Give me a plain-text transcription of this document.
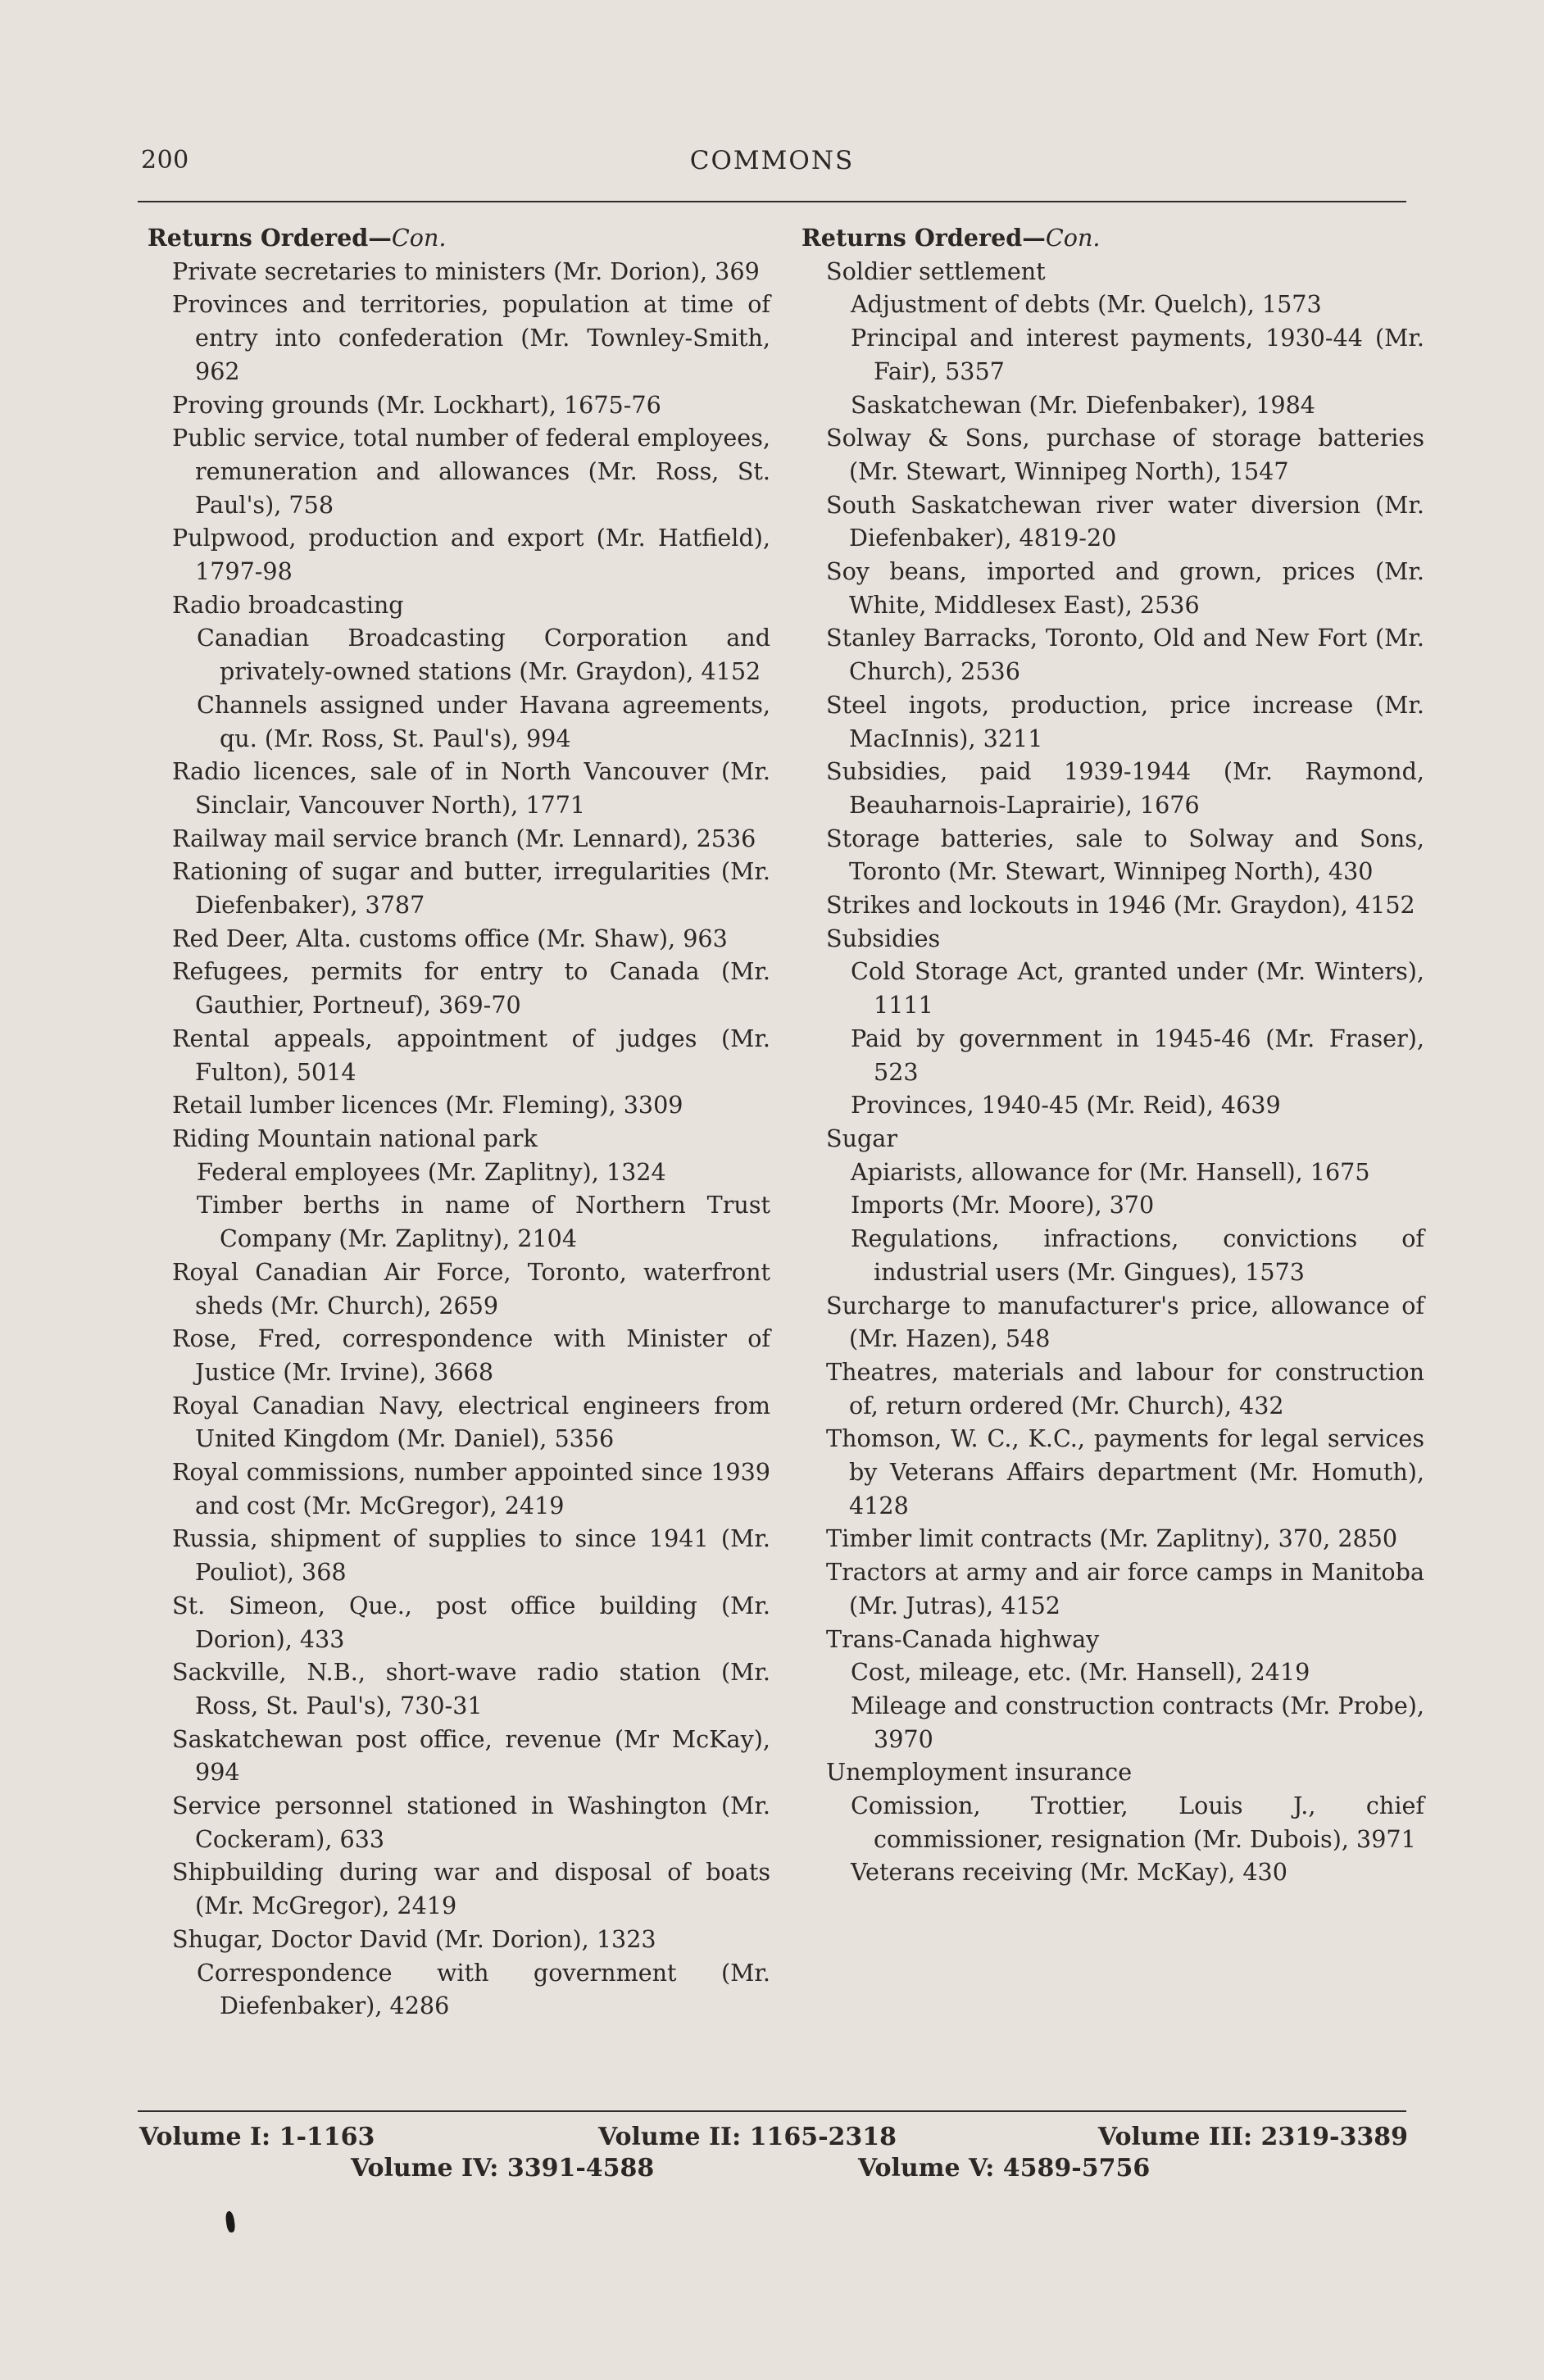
200	COMMONS
Returns Ordered—Con.
Private secretaries to ministers (Mr. Dorion), 369
Provinces and territories, population at time of entry into confederation (Mr. Townley-Smith, 962
Proving grounds (Mr. Lockhart), 1675-76
Public service, total number of federal employees, remuneration and allowances (Mr. Ross, St. Paul's), 758
Pulpwood, production and export (Mr. Hatfield), 1797-98
Radio broadcasting
Canadian Broadcasting Corporation and privately-owned stations (Mr. Graydon), 4152
Channels assigned under Havana agreements, qu. (Mr. Ross, St. Paul's), 994
Radio licences, sale of in North Vancouver (Mr. Sinclair, Vancouver North), 1771
Railway mail service branch (Mr. Lennard), 2536
Rationing of sugar and butter, irregularities (Mr. Diefenbaker), 3787
Red Deer, Alta. customs office (Mr. Shaw), 963
Refugees, permits for entry to Canada (Mr. Gauthier, Portneuf), 369-70
Rental appeals, appointment of judges (Mr. Fulton), 5014
Retail lumber licences (Mr. Fleming), 3309
Riding Mountain national park
Federal employees (Mr. Zaplitny), 1324
Timber berths in name of Northern Trust Company (Mr. Zaplitny), 2104
Royal Canadian Air Force, Toronto, waterfront sheds (Mr. Church), 2659
Rose, Fred, correspondence with Minister of Justice (Mr. Irvine), 3668
Royal Canadian Navy, electrical engineers from United Kingdom (Mr. Daniel), 5356
Royal commissions, number appointed since 1939 and cost (Mr. McGregor), 2419
Russia, shipment of supplies to since 1941 (Mr. Pouliot), 368
St. Simeon, Que., post office building (Mr. Dorion), 433
Sackville, N.B., short-wave radio station (Mr. Ross, St. Paul's), 730-31
Saskatchewan post office, revenue (Mr McKay), 994
Service personnel stationed in Washington (Mr. Cockeram), 633
Shipbuilding during war and disposal of boats (Mr. McGregor), 2419
Shugar, Doctor David (Mr. Dorion), 1323
Correspondence with government (Mr. Diefenbaker), 4286
Returns Ordered—Con.
Soldier settlement
Adjustment of debts (Mr. Quelch), 1573
Principal and interest payments, 1930-44 (Mr. Fair), 5357
Saskatchewan (Mr. Diefenbaker), 1984
Solway & Sons, purchase of storage batteries (Mr. Stewart, Winnipeg North), 1547
South Saskatchewan river water diversion (Mr. Diefenbaker), 4819-20
Soy beans, imported and grown, prices (Mr. White, Middlesex East), 2536
Stanley Barracks, Toronto, Old and New Fort (Mr. Church), 2536
Steel ingots, production, price increase (Mr. MacInnis), 3211
Subsidies, paid 1939-1944 (Mr. Raymond, Beauharnois-Laprairie), 1676
Storage batteries, sale to Solway and Sons, Toronto (Mr. Stewart, Winnipeg North), 430
Strikes and lockouts in 1946 (Mr. Graydon), 4152
Subsidies
Cold Storage Act, granted under (Mr. Winters), 1111
Paid by government in 1945-46 (Mr. Fraser), 523
Provinces, 1940-45 (Mr. Reid), 4639
Sugar
Apiarists, allowance for (Mr. Hansell), 1675
Imports (Mr. Moore), 370
Regulations, infractions, convictions of industrial users (Mr. Gingues), 1573
Surcharge to manufacturer's price, allowance of (Mr. Hazen), 548
Theatres, materials and labour for construction of, return ordered (Mr. Church), 432
Thomson, W. C., K.C., payments for legal services by Veterans Affairs department (Mr. Homuth), 4128
Timber limit contracts (Mr. Zaplitny), 370, 2850
Tractors at army and air force camps in Manitoba (Mr. Jutras), 4152
Trans-Canada highway
Cost, mileage, etc. (Mr. Hansell), 2419
Mileage and construction contracts (Mr. Probe), 3970
Unemployment insurance
Comission, Trottier, Louis J., chief commissioner, resignation (Mr. Dubois), 3971
Veterans receiving (Mr. McKay), 430
Volume I: 1-1163	Volume II: 1165-2318	Volume III: 2319-3389
Volume IV: 3391-4588	Volume V: 4589-5756
